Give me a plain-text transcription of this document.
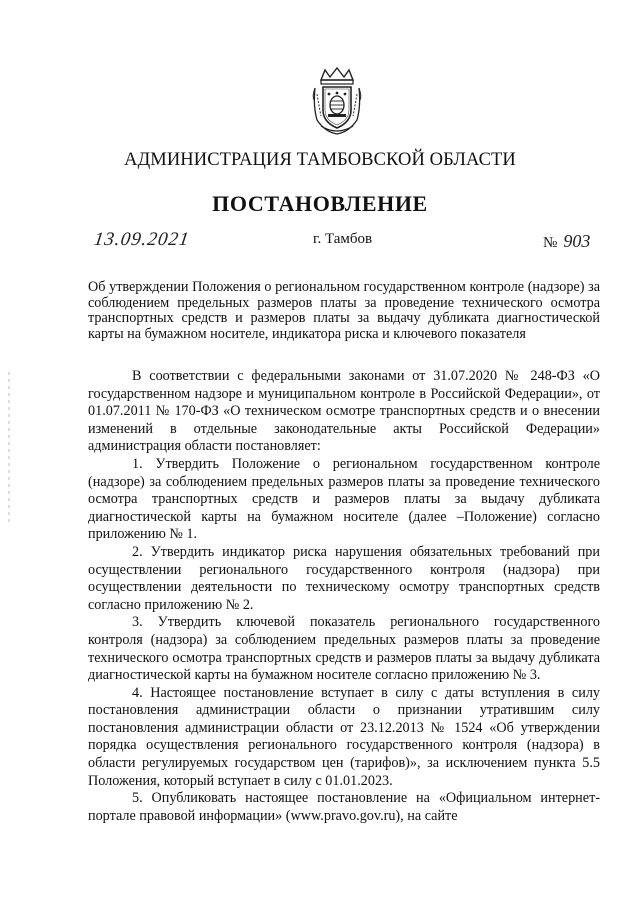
АДМИНИСТРАЦИЯ ТАМБОВСКОЙ ОБЛАСТИ
ПОСТАНОВЛЕНИЕ
13.09.2021	г. Тамбов	№ 903
Об утверждении Положения о региональном государственном контроле (надзоре) за соблюдением предельных размеров платы за проведение технического осмотра транспортных средств и размеров платы за выдачу дубликата диагностической карты на бумажном носителе, индикатора риска и ключевого показателя

В соответствии с федеральными законами от 31.07.2020 № 248-ФЗ «О государственном надзоре и муниципальном контроле в Российской Федерации», от 01.07.2011 № 170-ФЗ «О техническом осмотре транспортных средств и о внесении изменений в отдельные законодательные акты Российской Федерации» администрация области постановляет:

1. Утвердить Положение о региональном государственном контроле (надзоре) за соблюдением предельных размеров платы за проведение технического осмотра транспортных средств и размеров платы за выдачу дубликата диагностической карты на бумажном носителе (далее –Положение) согласно приложению № 1.

2. Утвердить индикатор риска нарушения обязательных требований при осуществлении регионального государственного контроля (надзора) при осуществлении деятельности по техническому осмотру транспортных средств согласно приложению № 2.

3. Утвердить ключевой показатель регионального государственного контроля (надзора) за соблюдением предельных размеров платы за проведение технического осмотра транспортных средств и размеров платы за выдачу дубликата диагностической карты на бумажном носителе согласно приложению № 3.

4. Настоящее постановление вступает в силу с даты вступления в силу постановления администрации области о признании утратившим силу постановления администрации области от 23.12.2013 № 1524 «Об утверждении порядка осуществления регионального государственного контроля (надзора) в области регулируемых государством цен (тарифов)», за исключением пункта 5.5 Положения, который вступает в силу с 01.01.2023.

5. Опубликовать настоящее постановление на «Официальном интернет-портале правовой информации» (www.pravo.gov.ru), на сайте
